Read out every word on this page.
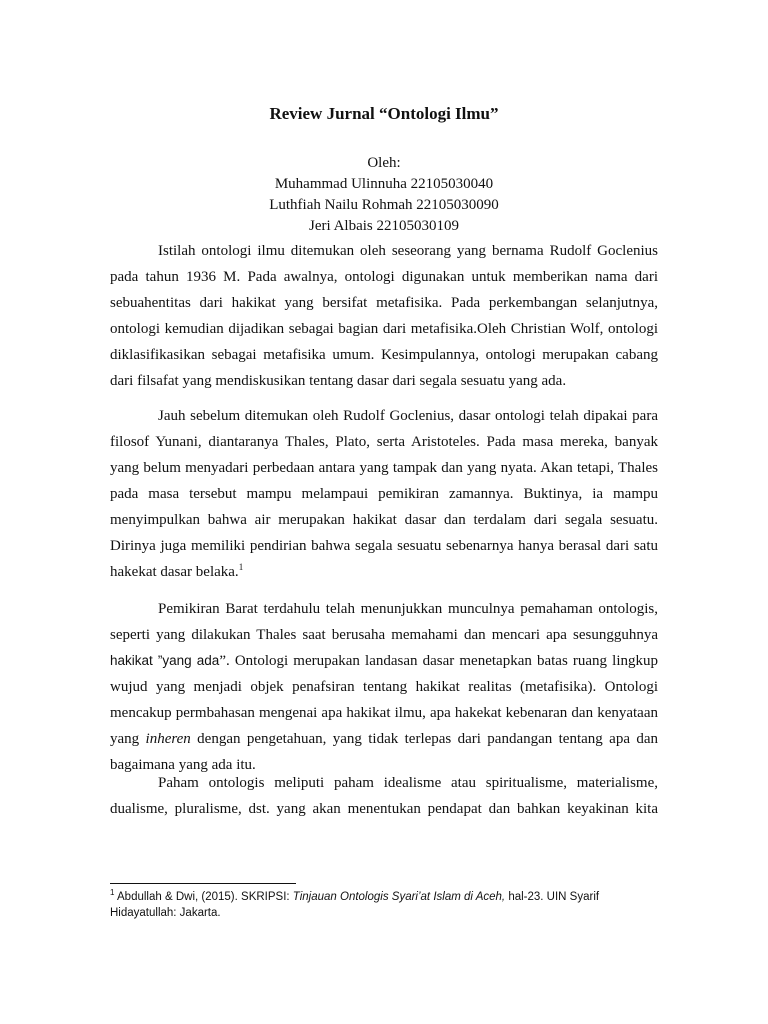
Review Jurnal “Ontologi Ilmu”
Oleh:
Muhammad Ulinnuha 22105030040
Luthfiah Nailu Rohmah 22105030090
Jeri Albais 22105030109

Istilah ontologi ilmu ditemukan oleh seseorang yang bernama Rudolf Goclenius pada tahun 1936 M. Pada awalnya, ontologi digunakan untuk memberikan nama dari sebuahentitas dari hakikat yang bersifat metafisika. Pada perkembangan selanjutnya, ontologi kemudian dijadikan sebagai bagian dari metafisika.Oleh Christian Wolf, ontologi diklasifikasikan sebagai metafisika umum. Kesimpulannya, ontologi merupakan cabang dari filsafat yang mendiskusikan tentang dasar dari segala sesuatu yang ada.

Jauh sebelum ditemukan oleh Rudolf Goclenius, dasar ontologi telah dipakai para filosof Yunani, diantaranya Thales, Plato, serta Aristoteles. Pada masa mereka, banyak yang belum menyadari perbedaan antara yang tampak dan yang nyata. Akan tetapi, Thales pada masa tersebut mampu melampaui pemikiran zamannya. Buktinya, ia mampu menyimpulkan bahwa air merupakan hakikat dasar dan terdalam dari segala sesuatu. Dirinya juga memiliki pendirian bahwa segala sesuatu sebenarnya hanya berasal dari satu hakekat dasar belaka.$^1$

Pemikiran Barat terdahulu telah menunjukkan munculnya pemahaman ontologis, seperti yang dilakukan Thales saat berusaha memahami dan mencari apa sesungguhnya hakikat ”yang ada”. Ontologi merupakan landasan dasar menetapkan batas ruang lingkup wujud yang menjadi objek penafsiran tentang hakikat realitas (metafisika). Ontologi mencakup permbahasan mengenai apa hakikat ilmu, apa hakekat kebenaran dan kenyataan yang inheren dengan pengetahuan, yang tidak terlepas dari pandangan tentang apa dan bagaimana yang ada itu.

Paham ontologis meliputi paham idealisme atau spiritualisme, materialisme, dualisme, pluralisme, dst. yang akan menentukan pendapat dan bahkan keyakinan kita

$^1$ Abdullah & Dwi, (2015). SKRIPSI: Tinjauan Ontologis Syari’at Islam di Aceh, hal-23. UIN Syarif Hidayatullah: Jakarta.
